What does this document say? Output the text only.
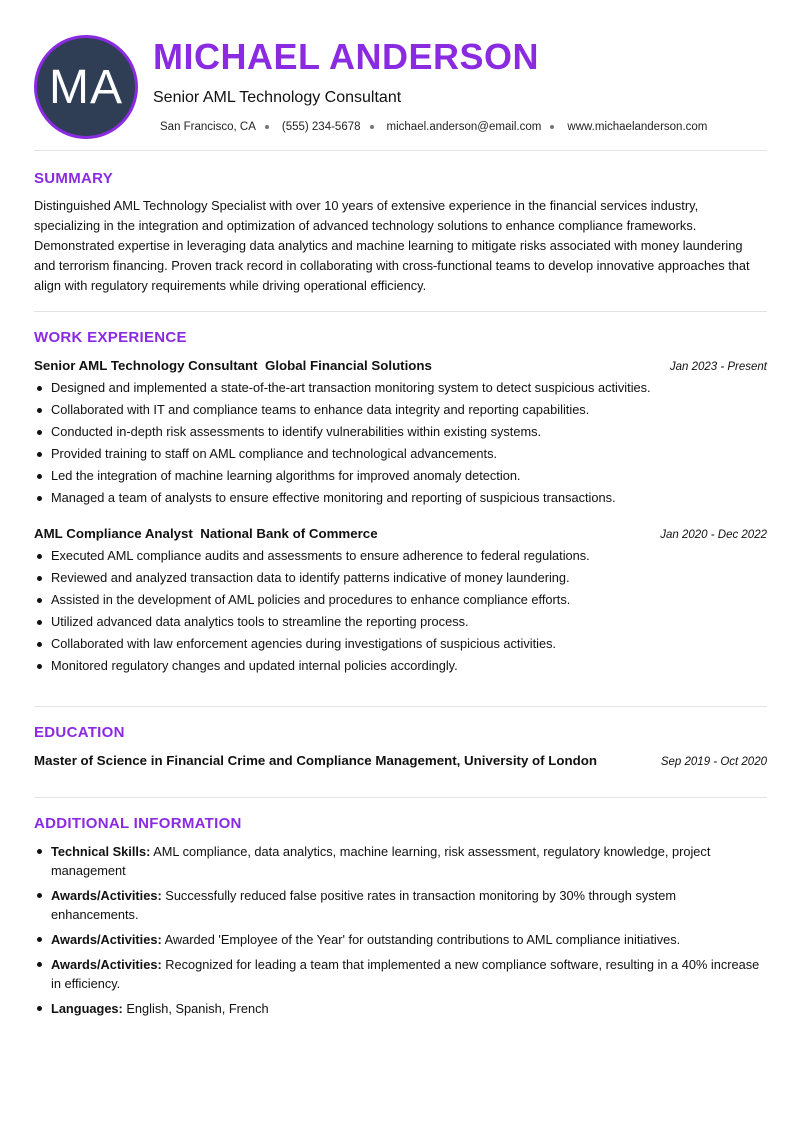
MA
MICHAEL ANDERSON
Senior AML Technology Consultant
San Francisco, CA (555) 234-5678 michael.anderson@email.com www.michaelanderson.com
SUMMARY

Distinguished AML Technology Specialist with over 10 years of extensive experience in the financial services industry, specializing in the integration and optimization of advanced technology solutions to enhance compliance frameworks. Demonstrated expertise in leveraging data analytics and machine learning to mitigate risks associated with money laundering and terrorism financing. Proven track record in collaborating with cross-functional teams to develop innovative approaches that align with regulatory requirements while driving operational efficiency.

WORK EXPERIENCE
Senior AML Technology Consultant Global Financial Solutions	Jan 2023 - Present
Designed and implemented a state-of-the-art transaction monitoring system to detect suspicious activities.
Collaborated with IT and compliance teams to enhance data integrity and reporting capabilities.
Conducted in-depth risk assessments to identify vulnerabilities within existing systems.
Provided training to staff on AML compliance and technological advancements.
Led the integration of machine learning algorithms for improved anomaly detection.
Managed a team of analysts to ensure effective monitoring and reporting of suspicious transactions.
AML Compliance Analyst National Bank of Commerce	Jan 2020 - Dec 2022
Executed AML compliance audits and assessments to ensure adherence to federal regulations.
Reviewed and analyzed transaction data to identify patterns indicative of money laundering.
Assisted in the development of AML policies and procedures to enhance compliance efforts.
Utilized advanced data analytics tools to streamline the reporting process.
Collaborated with law enforcement agencies during investigations of suspicious activities.
Monitored regulatory changes and updated internal policies accordingly.
EDUCATION
Master of Science in Financial Crime and Compliance Management, University of London	Sep 2019 - Oct 2020
ADDITIONAL INFORMATION
Technical Skills: AML compliance, data analytics, machine learning, risk assessment, regulatory knowledge, project management
Awards/Activities: Successfully reduced false positive rates in transaction monitoring by 30% through system enhancements.
Awards/Activities: Awarded 'Employee of the Year' for outstanding contributions to AML compliance initiatives.
Awards/Activities: Recognized for leading a team that implemented a new compliance software, resulting in a 40% increase in efficiency.
Languages: English, Spanish, French
